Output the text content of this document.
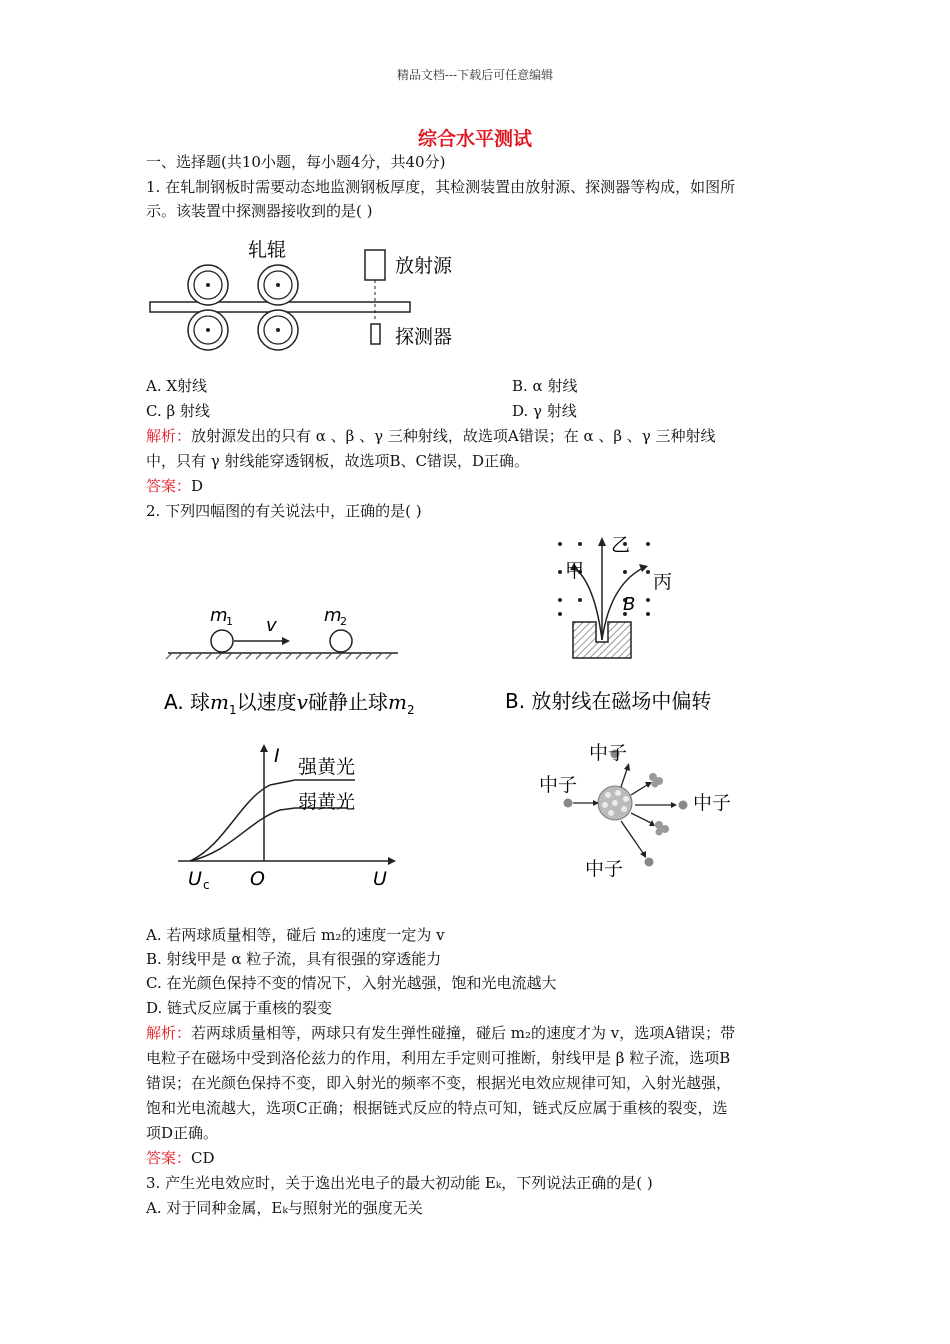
精品文档---下载后可任意编辑
综合水平测试
一、选择题(共10小题，每小题4分，共40分)
1. 在轧制钢板时需要动态地监测钢板厚度，其检测装置由放射源、探测器等构成，如图所
示。该装置中探测器接收到的是( )
轧辊
放射源
探测器
A. X射线	B. α 射线
C. β 射线	D. γ 射线
解析：放射源发出的只有 α 、β 、γ 三种射线，故选项A错误；在 α 、β 、γ 三种射线
中，只有 γ 射线能穿透钢板，故选项B、C错误，D正确。
答案：D
2. 下列四幅图的有关说法中，正确的是( )
m
1 v	m
2
A. 球$m_1$以速度v碰静止球$m_2$
甲
乙
丙
B
B. 放射线在磁场中偏转
I 强黄光
弱黄光
U c O	U
中子
中子
中子
中子
A. 若两球质量相等，碰后 m₂的速度一定为 v
B. 射线甲是 α 粒子流，具有很强的穿透能力
C. 在光颜色保持不变的情况下，入射光越强，饱和光电流越大
D. 链式反应属于重核的裂变
解析：若两球质量相等，两球只有发生弹性碰撞，碰后 m₂的速度才为 v，选项A错误；带
电粒子在磁场中受到洛伦兹力的作用，利用左手定则可推断，射线甲是 β 粒子流，选项B
错误；在光颜色保持不变，即入射光的频率不变，根据光电效应规律可知，入射光越强，
饱和光电流越大，选项C正确；根据链式反应的特点可知，链式反应属于重核的裂变，选
项D正确。
答案：CD
3. 产生光电效应时，关于逸出光电子的最大初动能 Eₖ，下列说法正确的是( )
A. 对于同种金属，Eₖ与照射光的强度无关
